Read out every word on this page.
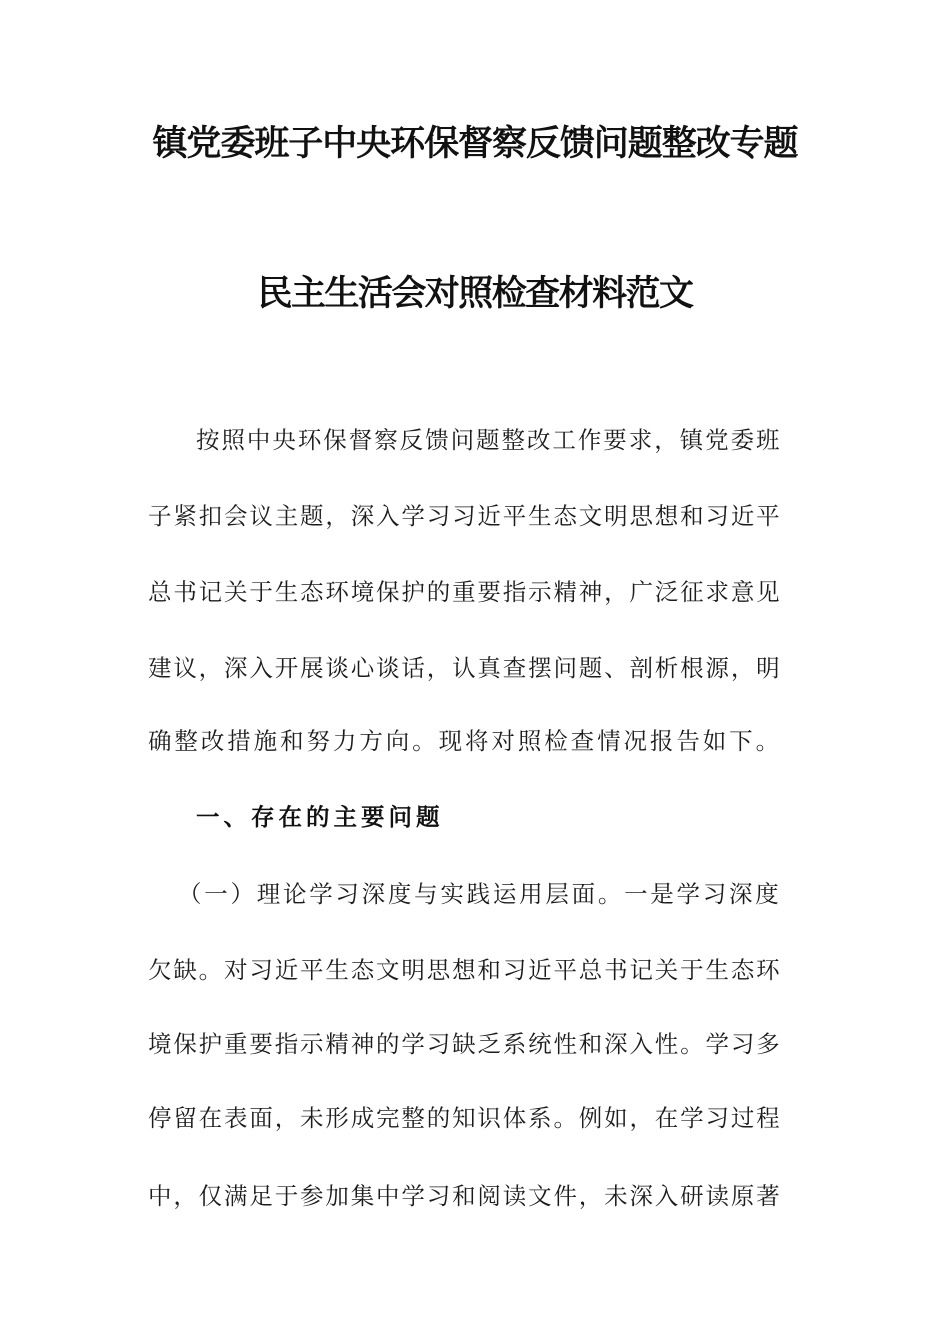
镇党委班子中央环保督察反馈问题整改专题
民主生活会对照检查材料范文
按照中央环保督察反馈问题整改工作要求，镇党委班
子紧扣会议主题，深入学习习近平生态文明思想和习近平
总书记关于生态环境保护的重要指示精神，广泛征求意见
建议，深入开展谈心谈话，认真查摆问题、剖析根源，明
确整改措施和努力方向。现将对照检查情况报告如下。
一、存在的主要问题
（一）理论学习深度与实践运用层面。一是学习深度
欠缺。对习近平生态文明思想和习近平总书记关于生态环
境保护重要指示精神的学习缺乏系统性和深入性。学习多
停留在表面，未形成完整的知识体系。例如，在学习过程
中，仅满足于参加集中学习和阅读文件，未深入研读原著
